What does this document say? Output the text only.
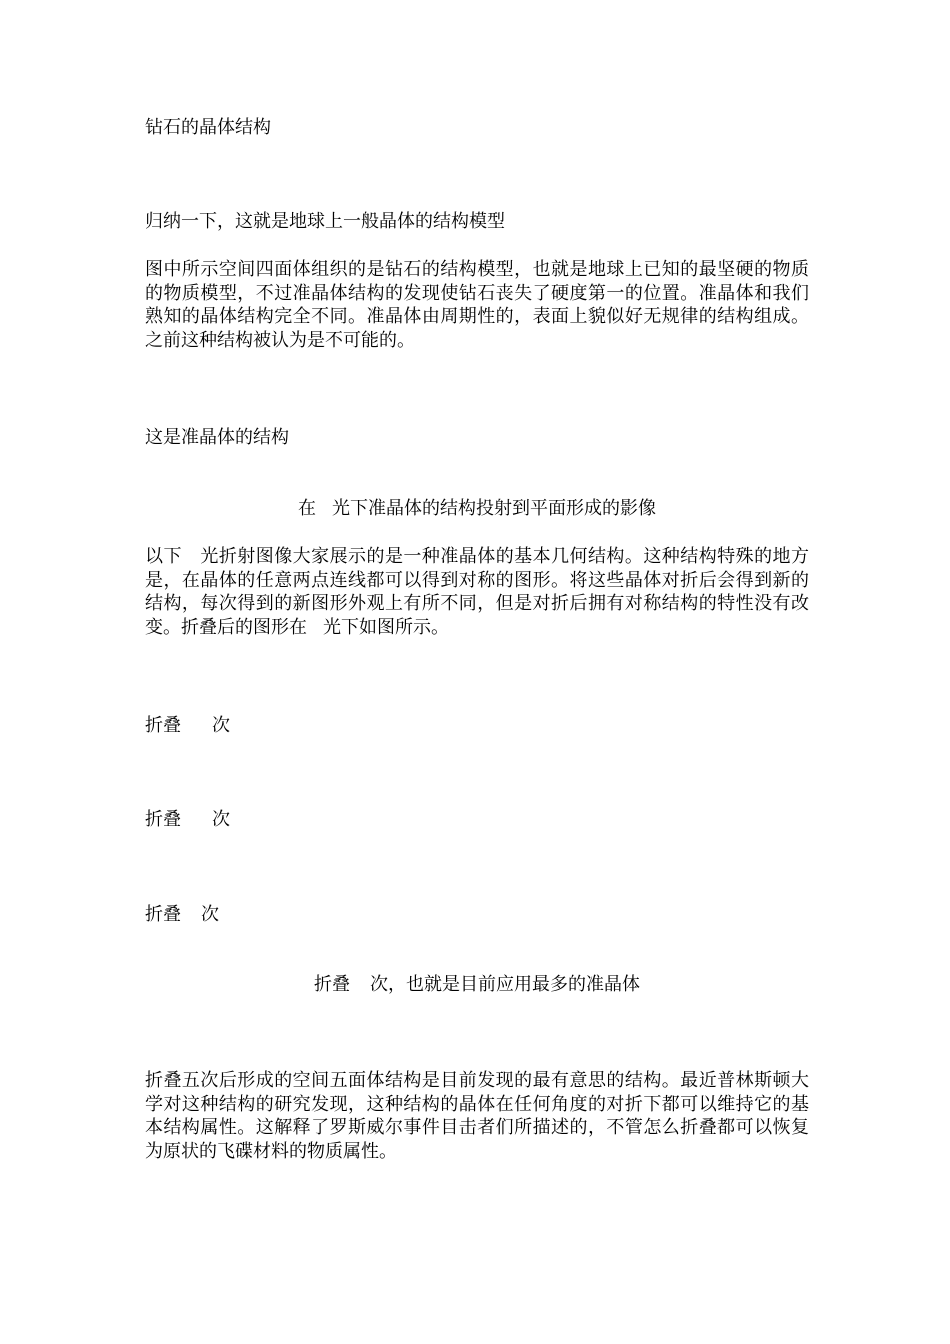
钻石的晶体结构
归纳一下，这就是地球上一般晶体的结构模型
图中所示空间四面体组织的是钻石的结构模型，也就是地球上已知的最坚硬的物质的物质模型，不过准晶体结构的发现使钻石丧失了硬度第一的位置。准晶体和我们熟知的晶体结构完全不同。准晶体由周期性的，表面上貌似好无规律的结构组成。之前这种结构被认为是不可能的。
这是准晶体的结构
在 光下准晶体的结构投射到平面形成的影像
以下 光折射图像大家展示的是一种准晶体的基本几何结构。这种结构特殊的地方是，在晶体的任意两点连线都可以得到对称的图形。将这些晶体对折后会得到新的结构，每次得到的新图形外观上有所不同，但是对折后拥有对称结构的特性没有改变。折叠后的图形在 光下如图所示。
折叠 次
折叠 次
折叠 次
折叠 次，也就是目前应用最多的准晶体
折叠五次后形成的空间五面体结构是目前发现的最有意思的结构。最近普林斯顿大学对这种结构的研究发现，这种结构的晶体在任何角度的对折下都可以维持它的基本结构属性。这解释了罗斯威尔事件目击者们所描述的，不管怎么折叠都可以恢复为原状的飞碟材料的物质属性。
